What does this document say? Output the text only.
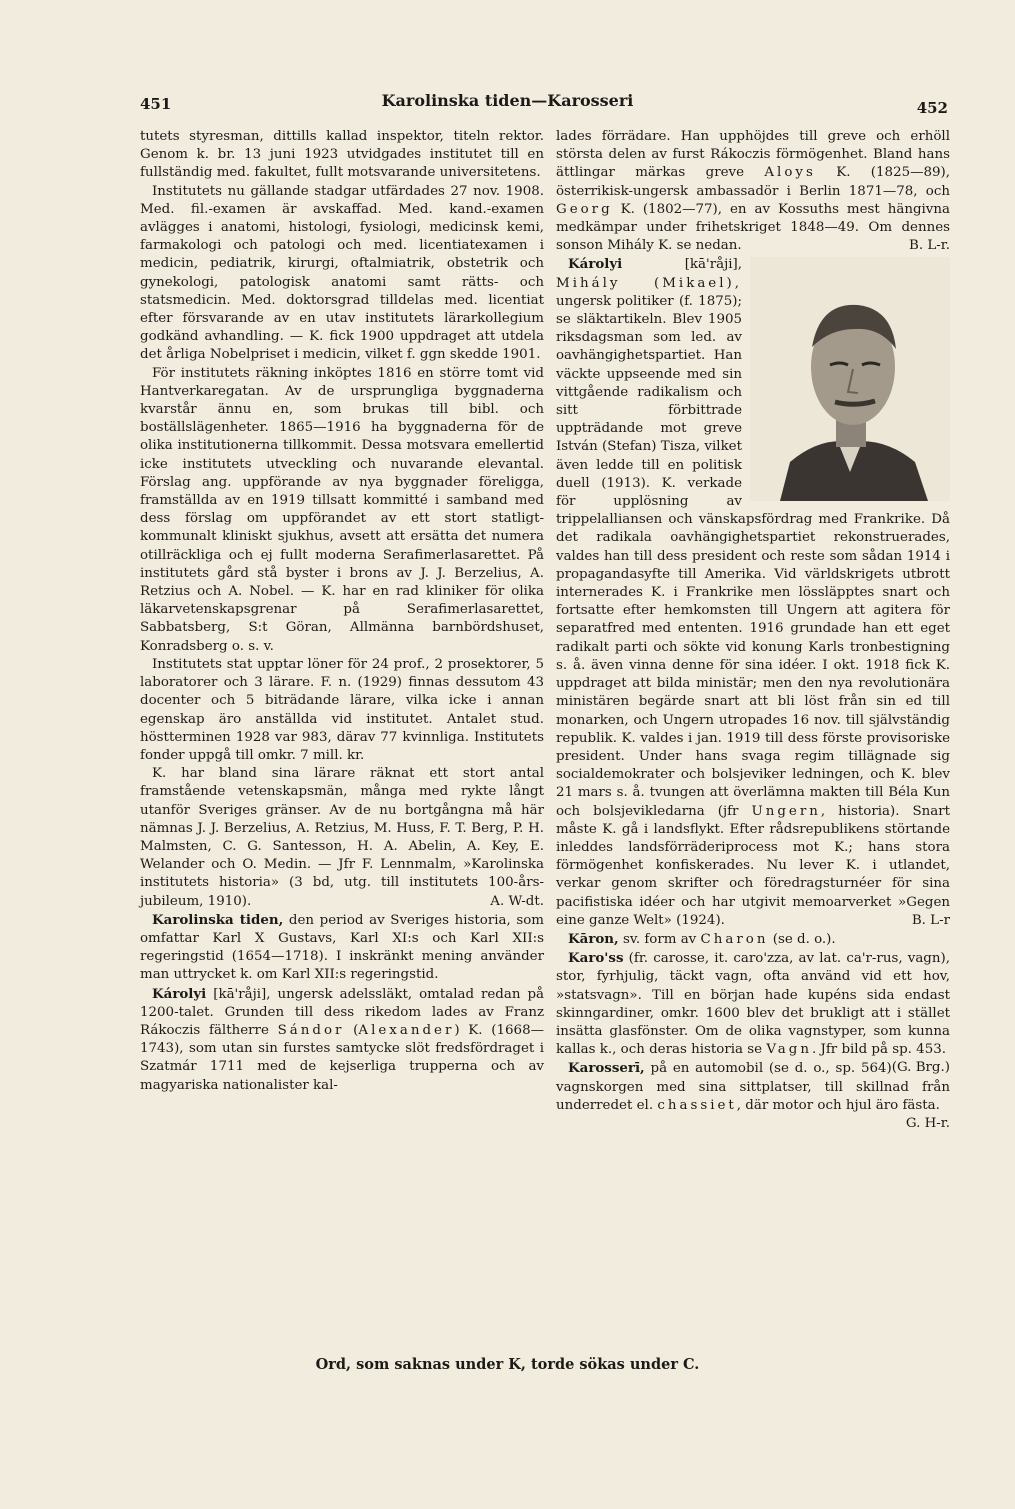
451	Karolinska tiden—Karosseri	452

tutets styresman, dittills kallad inspektor, titeln rektor. Genom k. br. 13 juni 1923 utvidgades institutet till en fullständig med. fakultet, fullt motsvarande universitetens.

Institutets nu gällande stadgar utfärdades 27 nov. 1908. Med. fil.-examen är avskaffad. Med. kand.-examen avlägges i anatomi, histologi, fysiologi, medicinsk kemi, farmakologi och patologi och med. licentiatexamen i medicin, pediatrik, kirurgi, oftalmiatrik, obstetrik och gynekologi, patologisk anatomi samt rätts- och statsmedicin. Med. doktorsgrad tilldelas med. licentiat efter försvarande av en utav institutets lärarkollegium godkänd avhandling. — K. fick 1900 uppdraget att utdela det årliga Nobelpriset i medicin, vilket f. ggn skedde 1901.

För institutets räkning inköptes 1816 en större tomt vid Hantverkaregatan. Av de ursprungliga byggnaderna kvarstår ännu en, som brukas till bibl. och boställslägenheter. 1865—1916 ha byggnaderna för de olika institutionerna tillkommit. Dessa motsvara emellertid icke institutets utveckling och nuvarande elevantal. Förslag ang. uppförande av nya byggnader föreligga, framställda av en 1919 tillsatt kommitté i samband med dess förslag om uppförandet av ett stort statligt-kommunalt kliniskt sjukhus, avsett att ersätta det numera otillräckliga och ej fullt moderna Serafimerlasarettet. På institutets gård stå byster i brons av J. J. Berzelius, A. Retzius och A. Nobel. — K. har en rad kliniker för olika läkarvetenskapsgrenar på Serafimerlasarettet, Sabbatsberg, S:t Göran, Allmänna barnbördshuset, Konradsberg o. s. v.

Institutets stat upptar löner för 24 prof., 2 prosektorer, 5 laboratorer och 3 lärare. F. n. (1929) finnas dessutom 43 docenter och 5 biträdande lärare, vilka icke i annan egenskap äro anställda vid institutet. Antalet stud. höstterminen 1928 var 983, därav 77 kvinnliga. Institutets fonder uppgå till omkr. 7 mill. kr.

K. har bland sina lärare räknat ett stort antal framstående vetenskapsmän, många med rykte långt utanför Sveriges gränser. Av de nu bortgångna må här nämnas J. J. Berzelius, A. Retzius, M. Huss, F. T. Berg, P. H. Malmsten, C. G. Santesson, H. A. Abelin, A. Key, E. Welander och O. Medin. — Jfr F. Lennmalm, »Karolinska institutets historia» (3 bd, utg. till institutets 100-års-jubileum, 1910).	A. W-dt.

Karolinska tiden, den period av Sveriges historia, som omfattar Karl X Gustavs, Karl XI:s och Karl XII:s regeringstid (1654—1718). I inskränkt mening använder man uttrycket k. om Karl XII:s regeringstid.

Károlyi [kā'råji], ungersk adelssläkt, omtalad redan på 1200-talet. Grunden till dess rikedom lades av Franz Rákoczis fältherre Sándor (Alexander) K. (1668—1743), som utan sin furstes samtycke slöt fredsfördraget i Szatmár 1711 med de kejserliga trupperna och av magyariska nationalister kal-

lades förrädare. Han upphöjdes till greve och erhöll största delen av furst Rákoczis förmögenhet. Bland hans ättlingar märkas greve Aloys K. (1825—89), österrikisk-ungersk ambassadör i Berlin 1871—78, och Georg K. (1802—77), en av Kossuths mest hängivna medkämpar under frihetskriget 1848—49. Om dennes sonson Mihály K. se nedan.	B. L-r.

Károlyi	[kā'råji], Mihály	(Mikael), ungersk politiker (f. 1875); se släktartikeln. Blev 1905 riksdagsman som led. av oavhängighetspartiet. Han väckte uppseende med sin vittgående radikalism och sitt förbittrade uppträdande mot greve István (Stefan) Tisza, vilket även ledde till en politisk duell (1913). K. verkade för upplösning av trippelalliansen och vänskapsfördrag med Frankrike. Då det radikala oavhängighetspartiet rekonstruerades, valdes han till dess president och reste som sådan 1914 i propagandasyfte till Amerika. Vid världskrigets utbrott internerades K. i Frankrike men lössläpptes snart och fortsatte efter hemkomsten till Ungern att agitera för separatfred med ententen. 1916 grundade han ett eget radikalt parti och sökte vid konung Karls tronbestigning s. å. även vinna denne för sina idéer. I okt. 1918 fick K. uppdraget att bilda ministär; men den nya revolutionära ministären begärde snart att bli löst från sin ed till monarken, och Ungern utropades 16 nov. till självständig republik. K. valdes i jan. 1919 till dess förste provisoriske president. Under hans svaga regim tillägnade sig socialdemokrater och bolsjeviker ledningen, och K. blev 21 mars s. å. tvungen att överlämna makten till Béla Kun och bolsjevikledarna (jfr Ungern, historia). Snart måste K. gå i landsflykt. Efter rådsrepublikens störtande inleddes landsförräderiprocess mot K.; hans stora förmögenhet konfiskerades. Nu lever K. i utlandet, verkar genom skrifter och föredragsturnéer för sina pacifistiska idéer och har utgivit memoarverket »Gegen eine ganze Welt» (1924).	B. L-r

Kāron, sv. form av Charon (se d. o.).

Karo'ss (fr. carosse, it. caro'zza, av lat. ca'r-rus, vagn), stor, fyrhjulig, täckt vagn, ofta använd vid ett hov, »statsvagn». Till en början hade kupéns sida endast skinngardiner, omkr. 1600 blev det brukligt att i stället insätta glasfönster. Om de olika vagnstyper, som kunna kallas k., och deras historia se Vagn. Jfr bild på sp. 453.
(G. Brg.)

Karosserī, på en automobil (se d. o., sp. 564) vagnskorgen med sina sittplatser, till skillnad från underredet el. chassiet, där motor och hjul äro fästa.
G. H-r.

Ord, som saknas under K, torde sökas under C.
